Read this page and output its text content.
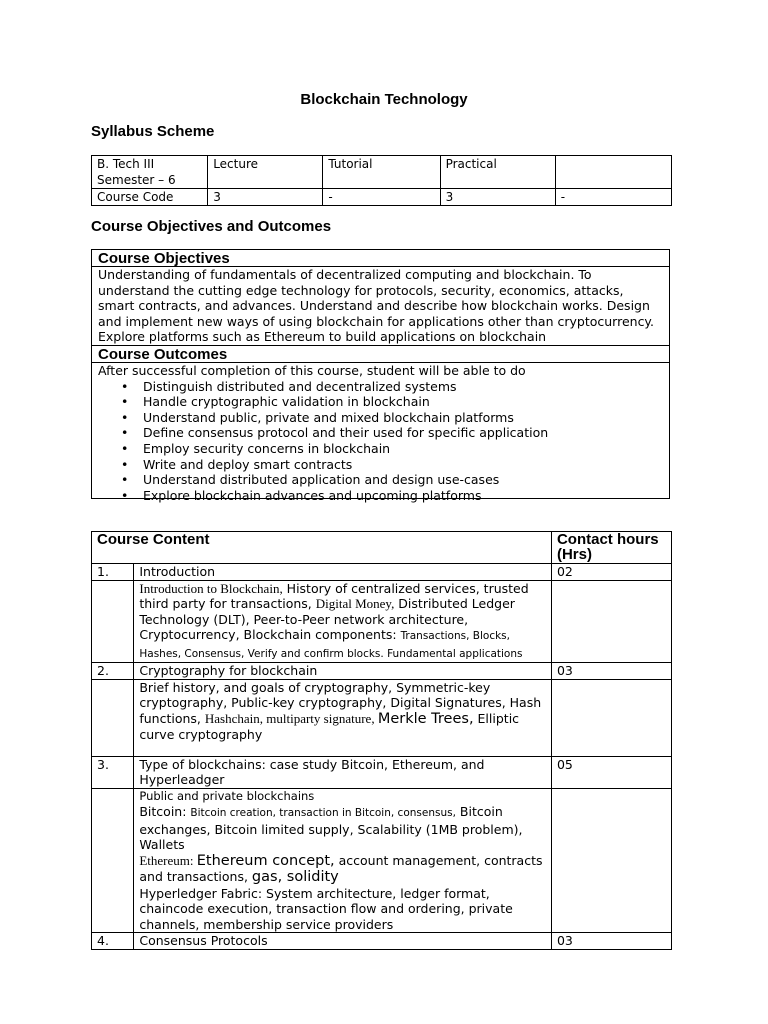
Blockchain Technology
Syllabus Scheme
B. Tech III Semester – 6	Lecture	Tutorial	Practical	
Course Code	3	-	3	-
Course Objectives and Outcomes
Course Objectives
Understanding of fundamentals of decentralized computing and blockchain. To understand the cutting edge technology for protocols, security, economics, attacks, smart contracts, and advances. Understand and describe how blockchain works. Design and implement new ways of using blockchain for applications other than cryptocurrency. Explore platforms such as Ethereum to build applications on blockchain
Course Outcomes
After successful completion of this course, student will be able to do
• Distinguish distributed and decentralized systems
• Handle cryptographic validation in blockchain
• Understand public, private and mixed blockchain platforms
• Define consensus protocol and their used for specific application
• Employ security concerns in blockchain
• Write and deploy smart contracts
• Understand distributed application and design use-cases
• Explore blockchain advances and upcoming platforms
Course Content		Contact hours (Hrs)
1.	Introduction	02
	Introduction to Blockchain, History of centralized services, trusted third party for transactions, Digital Money, Distributed Ledger Technology (DLT), Peer-to-Peer network architecture, Cryptocurrency, Blockchain components: Transactions, Blocks, Hashes, Consensus, Verify and confirm blocks. Fundamental applications	
2.	Cryptography for blockchain	03
	Brief history, and goals of cryptography, Symmetric-key cryptography, Public-key cryptography, Digital Signatures, Hash functions, Hashchain, multiparty signature, Merkle Trees, Elliptic curve cryptography	
3.	Type of blockchains: case study Bitcoin, Ethereum, and Hyperleadger	05

	Public and private blockchains
Bitcoin: Bitcoin creation, transaction in Bitcoin, consensus, Bitcoin exchanges, Bitcoin limited supply, Scalability (1MB problem), Wallets
Ethereum: Ethereum concept, account management, contracts and transactions, gas, solidity
Hyperledger Fabric: System architecture, ledger format, chaincode execution, transaction flow and ordering, private channels, membership service providers	

4.	Consensus Protocols	03
